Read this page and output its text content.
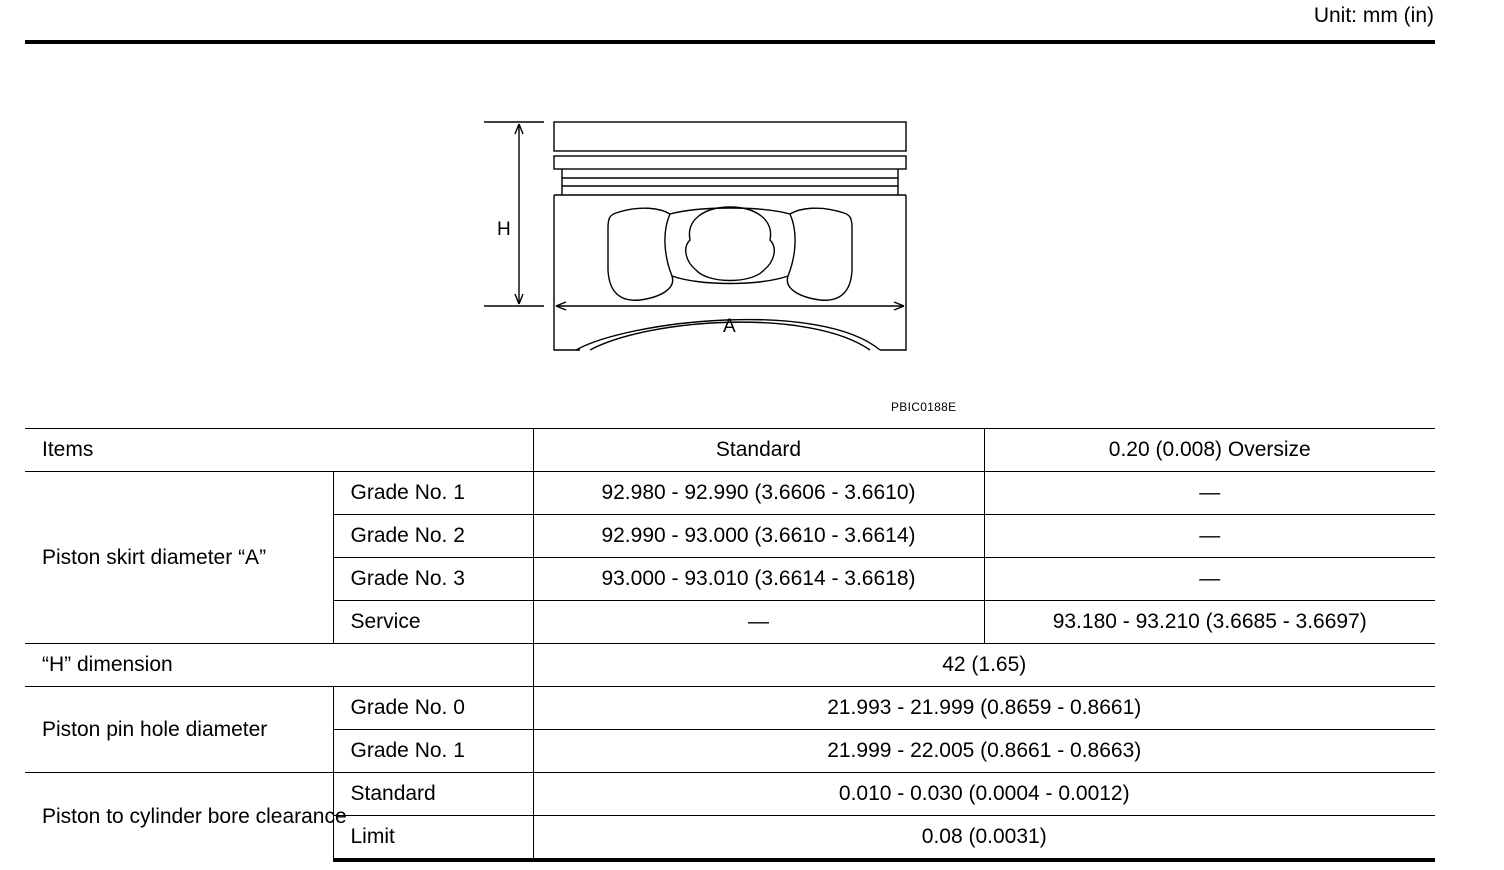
Unit: mm (in)
H
A
PBIC0188E
Items		Standard	0.20 (0.008) Oversize
Piston skirt diameter “A”	Grade No. 1	92.980 - 92.990 (3.6606 - 3.6610)	—
	Grade No. 2	92.990 - 93.000 (3.6610 - 3.6614)	—
	Grade No. 3	93.000 - 93.010 (3.6614 - 3.6618)	—
	Service	—	93.180 - 93.210 (3.6685 - 3.6697)
“H” dimension		42 (1.65)	
Piston pin hole diameter	Grade No. 0	21.993 - 21.999 (0.8659 - 0.8661)	
	Grade No. 1	21.999 - 22.005 (0.8661 - 0.8663)	
Piston to cylinder bore clearance	Standard	0.010 - 0.030 (0.0004 - 0.0012)	
	Limit	0.08 (0.0031)	
